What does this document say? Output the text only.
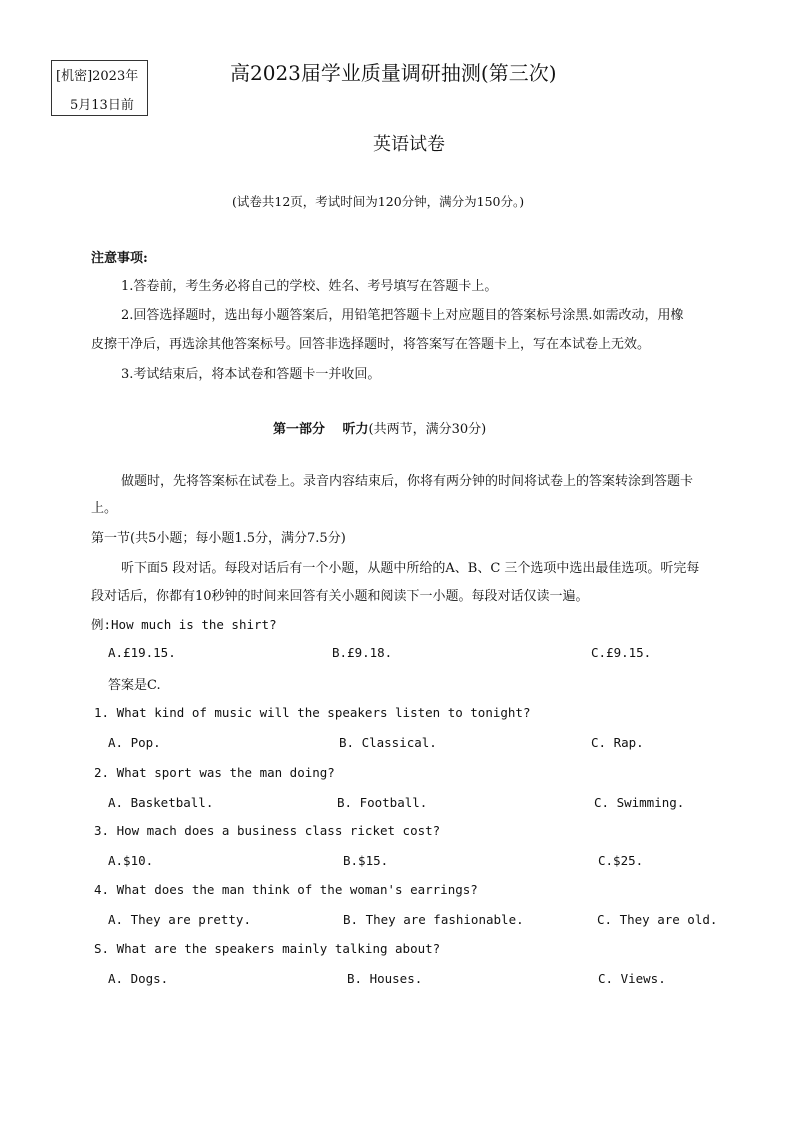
[机密]2023年
5月13日前
高2023届学业质量调研抽测(第三次)
英语试卷
(试卷共12页，考试时间为120分钟，满分为150分。)
注意事项:
1.答卷前，考生务必将自己的学校、姓名、考号填写在答题卡上。
2.回答选择题时，选出每小题答案后，用铅笔把答题卡上对应题目的答案标号涂黑.如需改动，用橡
皮擦干净后，再选涂其他答案标号。回答非选择题时，将答案写在答题卡上，写在本试卷上无效。
3.考试结束后，将本试卷和答题卡一并收回。
第一部分　 听力(共两节，满分30分)
做题时，先将答案标在试卷上。录音内容结束后，你将有两分钟的时间将试卷上的答案转涂到答题卡
上。
第一节(共5小题；每小题1.5分，满分7.5分)
听下面5 段对话。每段对话后有一个小题，从题中所给的A、B、C 三个选项中选出最佳选项。听完每
段对话后，你都有10秒钟的时间来回答有关小题和阅读下一小题。每段对话仅读一遍。
例:How much is the shirt?
A.£19.15.	B.£9.18.	C.£9.15.
答案是C.
1. What kind of music will the speakers listen to tonight?
A. Pop.	B. Classical.	C. Rap.
2. What sport was the man doing?
A. Basketball.	B. Football.	C. Swimming.
3. How mach does a business class ricket cost?
A.$10.	B.$15.	C.$25.
4. What does the man think of the woman's earrings?
A. They are pretty.	B. They are fashionable.	C. They are old.
S. What are the speakers mainly talking about?
A. Dogs.	B. Houses.	C. Views.
